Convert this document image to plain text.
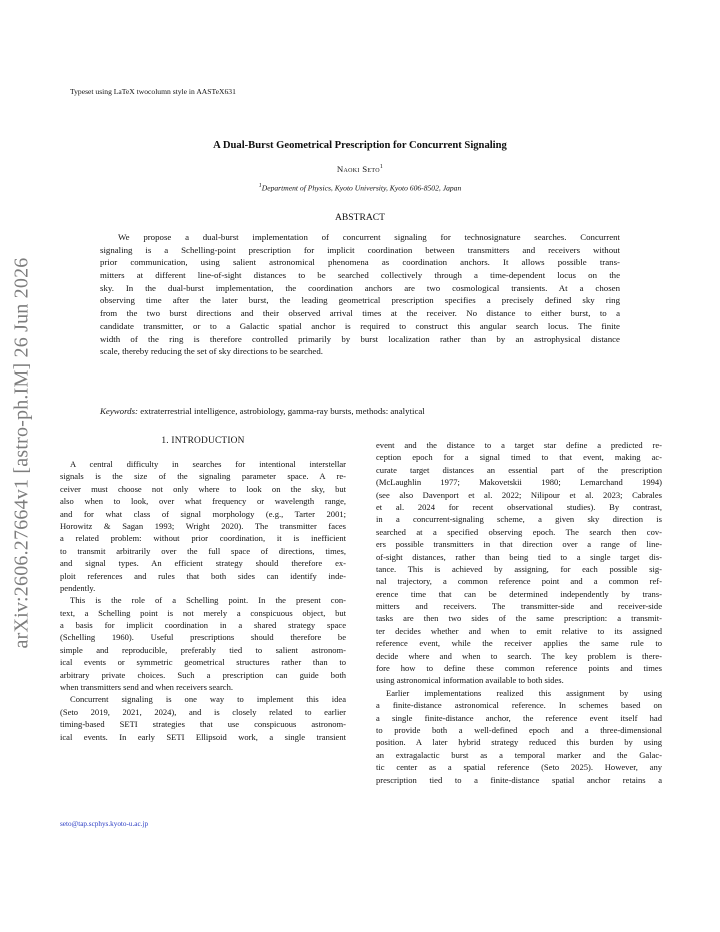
Typeset using LaTeX twocolumn style in AASTeX631
arXiv:2606.27664v1 [astro-ph.IM] 26 Jun 2026
A Dual-Burst Geometrical Prescription for Concurrent Signaling
Naoki Seto$^1$
$^1$Department of Physics, Kyoto University, Kyoto 606-8502, Japan
ABSTRACT
We propose a dual-burst implementation of concurrent signaling for technosignature searches. Concurrent
signaling is a Schelling-point prescription for implicit coordination between transmitters and receivers without
prior communication, using salient astronomical phenomena as coordination anchors. It allows possible trans-
mitters at different line-of-sight distances to be searched collectively through a time-dependent locus on the
sky. In the dual-burst implementation, the coordination anchors are two cosmological transients. At a chosen
observing time after the later burst, the leading geometrical prescription specifies a precisely defined sky ring
from the two burst directions and their observed arrival times at the receiver. No distance to either burst, to a
candidate transmitter, or to a Galactic spatial anchor is required to construct this angular search locus. The finite
width of the ring is therefore controlled primarily by burst localization rather than by an astrophysical distance
scale, thereby reducing the set of sky directions to be searched.
Keywords: extraterrestrial intelligence, astrobiology, gamma-ray bursts, methods: analytical
1. INTRODUCTION
A central difficulty in searches for intentional interstellar
signals is the size of the signaling parameter space. A re-
ceiver must choose not only where to look on the sky, but
also when to look, over what frequency or wavelength range,
and for what class of signal morphology (e.g., Tarter 2001;
Horowitz & Sagan 1993; Wright 2020). The transmitter faces
a related problem: without prior coordination, it is inefficient
to transmit arbitrarily over the full space of directions, times,
and signal types. An efficient strategy should therefore ex-
ploit references and rules that both sides can identify inde-
pendently.
This is the role of a Schelling point. In the present con-
text, a Schelling point is not merely a conspicuous object, but
a basis for implicit coordination in a shared strategy space
(Schelling 1960). Useful prescriptions should therefore be
simple and reproducible, preferably tied to salient astronom-
ical events or symmetric geometrical structures rather than to
arbitrary private choices. Such a prescription can guide both
when transmitters send and when receivers search.
Concurrent signaling is one way to implement this idea
(Seto 2019, 2021, 2024), and is closely related to earlier
timing-based SETI strategies that use conspicuous astronom-
ical events. In early SETI Ellipsoid work, a single transient
event and the distance to a target star define a predicted re-
ception epoch for a signal timed to that event, making ac-
curate target distances an essential part of the prescription
(McLaughlin 1977; Makovetskii 1980; Lemarchand 1994)
(see also Davenport et al. 2022; Nilipour et al. 2023; Cabrales
et al. 2024 for recent observational studies). By contrast,
in a concurrent-signaling scheme, a given sky direction is
searched at a specified observing epoch. The search then cov-
ers possible transmitters in that direction over a range of line-
of-sight distances, rather than being tied to a single target dis-
tance. This is achieved by assigning, for each possible sig-
nal trajectory, a common reference point and a common ref-
erence time that can be determined independently by trans-
mitters and receivers. The transmitter-side and receiver-side
tasks are then two sides of the same prescription: a transmit-
ter decides whether and when to emit relative to its assigned
reference event, while the receiver applies the same rule to
decide where and when to search. The key problem is there-
fore how to define these common reference points and times
using astronomical information available to both sides.
Earlier implementations realized this assignment by using
a finite-distance astronomical reference. In schemes based on
a single finite-distance anchor, the reference event itself had
to provide both a well-defined epoch and a three-dimensional
position. A later hybrid strategy reduced this burden by using
an extragalactic burst as a temporal marker and the Galac-
tic center as a spatial reference (Seto 2025). However, any
prescription tied to a finite-distance spatial anchor retains a
seto@tap.scphys.kyoto-u.ac.jp
